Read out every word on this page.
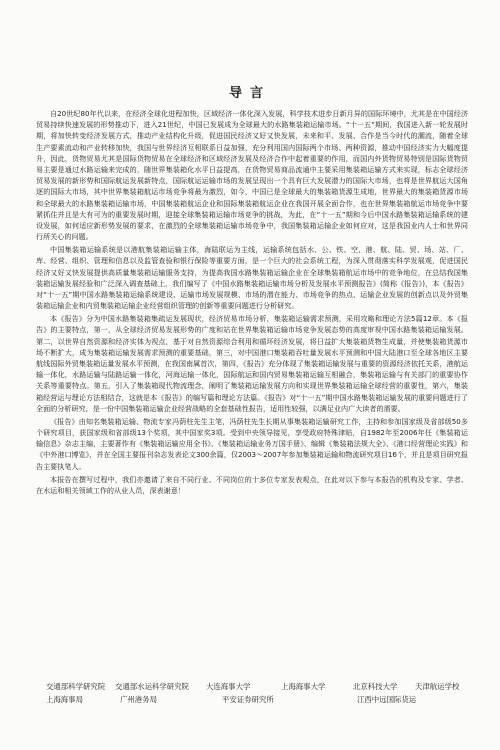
导言

自20世纪80年代以来，在经济全球化进程加快，区域经济一体化深入发展，科学技术进步日新月异的国际环境中，尤其是在中国经济贸易持续快速发展的形势推动下，进入21世纪，中国已发展成为全球最大的水路集装箱运输市场。“十一五”期间，我国进入新一轮发展时期，将加快转变经济发展方式，推动产业结构化升级，促进国民经济又好又快发展，未来和平、发展、合作是当今时代的潮流，随着全球生产要素流动和产业转移加快，我国与世界经济互相联系日益加强，充分利用国内国际两个市场、两种资源，推动中国经济实力大幅度提升，因此，货物贸易尤其是国际货物贸易在全球经济和区域经济发展及经济合作中起着重要的作用，而国内外货物贸易特别是国际货物贸易主要是通过水路运输来完成的，随世界集装箱化水平日益提高，在货物贸易商品流通中主要采用集装箱运输方式来实现，标志全球经济贸易发展的新形势和国际航运发展新特点，国际航运运输市场的发展呈现出一个具有巨大发展潜力的国际大市场，也将是世界航运大国角逐的国际大市场，其中世界集装箱航运市场竞争将最为激烈，如今，中国已是全球最大的集装箱货源生成地，世界最大的集装箱货源市场和全球最大的水路集装箱运输市场，中国集装箱航运企业和国际集装箱航运企业在我国开展全面合作，也在世界集装箱航运市场竞争中要紧抓住并且是大有可为的重要发展时期，迎接全球集装箱运输市场竞争的挑战，为此，在“十一五”期和今后中国水路集装箱运输系统的建设发展，如何适应新形势发展的要求，在激烈的全球集装箱运输市场竞争中，我国集装箱运输企业如何应对，这是我国业内人士和世界同行所关心的问题。

中国集装箱运输系统是以港航集装箱运输主体，海陆联运为主线，运输系统包括水、公、铁、空、港、航、陆、贸、场、站、厂、库、经营、组织、管理和信息以及监管查验和银行保险等重要方面，是一个巨大的社会系统工程，为深入贯彻落实科学发展观，促进国民经济又好又快发展提供高质量集装箱运输服务支持，为提高我国水路集装箱运输企业在全球集装箱航运市场中的竞争地位，在总结我国集装箱运输发展经验和广泛深入调查基础上，我们编写了《中国水路集装箱运输市场分析及发展水平预测报告》(简称《报告》)，本《报告》对“十一五”期中国水路集装箱运输系统建设、运输市场发展规模、市场的潜在能力、市场竞争的热点、运输企业发展的创新点以及外贸集装箱运输企业和内贸集装箱运输企业经营组织管理的创新等重要问题进行分析研究。

本《报告》分为中国水路集装箱集疏运发展现状，经济贸易市场分析，集装箱运输需求预测，采用攻略和理论方法5篇12章。本《报告》的主要特点，第一，从全球经济贸易发展形势的广度和站在世界集装箱运输市场竞争发展态势的高度审视中国水路集装箱运输发展。第二，以世界自然资源和经济实体为视点，基于对自然资源综合利用和循环经济发展，将日益扩大集装箱货物生成量，并使集装箱货源市场不断扩大，成为集装箱运输发展需求预测的重要基础，第三，对中国港口集装箱吞吐量发展水平预测和中国大陆港口至全球各地区主要航线国际外贸集装箱运量发展水平预测，在我国南属首次，第四，《报告》充分体现了集装箱运输发展与重要的资源经济依托关系，港航运输一体化，水路运输与陆路运输一体化，河海运输一体化，国际航运和国内贸易集装箱运输互相融合，集装箱运输与有关部门的重要协作关系等重要特点。第五，引入了集装箱现代物流理念，阐明了集装箱运输发展方向和实现世界集装箱运输全球经营的重要性，第六，集装箱经营运与理论方法相结合，这就是本《报告》的编写篇和理论方法篇。《报告》对“十一五”期中国水路集装箱运输发展的重要问题进行了全面的分析研究，是一份中国集装箱运输企业经营战略的全套基础性报告，适用性较强，以满足业内广大读者的需要。

《报告》由知名集装箱运输、物流专家冯荫柱先生主笔，冯荫柱先生长期从事集装箱运输研究工作，主持和参加国家级及省部级50多个研究项目，获国家级和省部级13个奖项，其中国家奖3项。受到中央领导接见，享受政府特殊津贴，自1982年至2006年任《集装箱运输信息》杂志主编，主要著作有《集装箱运输应用全书》、《集装箱运输业务万国手册》、编辑《集装箱法规大全》、《港口经营理论实践》和《中外港口博览》，并在全国主要报刊杂志发表论文300余篇，仅2003～2007年参加集装箱运输和物流研究项目16个，并且是项目研究报告主要执笔人。

本报告在撰写过程中，我们亦邀请了来自不同行业、不同岗位的十多位专家发表观点，在此对以下参与本报告的机构及专家、学者、在水运和相关领域工作的从业人员，深表谢意！

交通部科学研究院 交通部水运科学研究院 大连海事大学	上海海事大学	北京科技大学 天津航运学校
上海海事局	广州港务局	平安证券研究所	江西中远国际货运
